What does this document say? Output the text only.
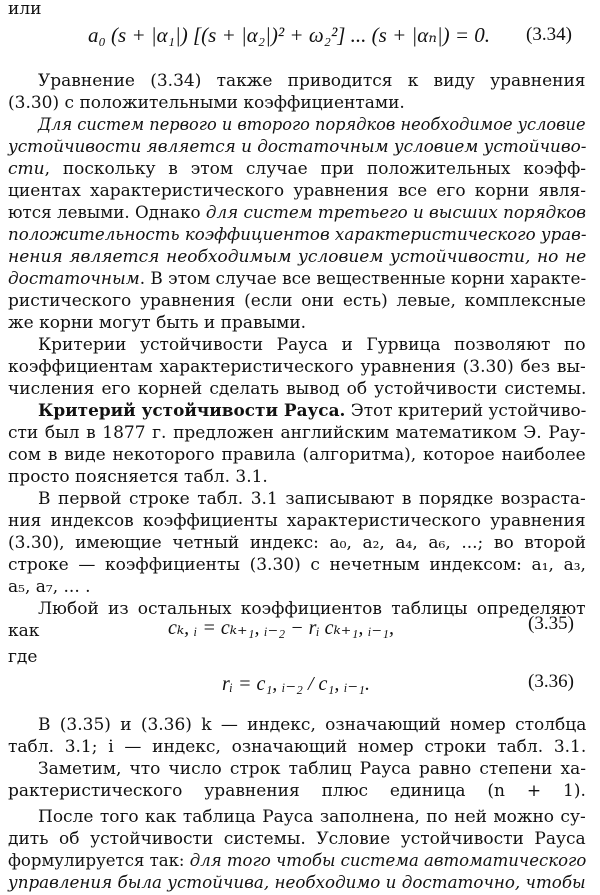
или
a₀ (s + |α₁|) [(s + |α₂|)² + ω₂²] ... (s + |αₙ|) = 0. (3.34)
Уравнение (3.34) также приводится к виду уравнения
(3.30) с положительными коэффициентами.
Для систем первого и второго порядков необходимое условие
устойчивости является и достаточным условием устойчиво-
сти, поскольку в этом случае при положительных коэфф-
циентах характеристического уравнения все его корни явля-
ются левыми. Однако для систем третьего и высших порядков
положительность коэффициентов характеристического урав-
нения является необходимым условием устойчивости, но не
достаточным. В этом случае все вещественные корни характе-
ристического уравнения (если они есть) левые, комплексные
же корни могут быть и правыми.
Критерии устойчивости Рауса и Гурвица позволяют по
коэффициентам характеристического уравнения (3.30) без вы-
числения его корней сделать вывод об устойчивости системы.
Критерий устойчивости Рауса. Этот критерий устойчиво-
сти был в 1877 г. предложен английским математиком Э. Рау-
сом в виде некоторого правила (алгоритма), которое наиболее
просто поясняется табл. 3.1.
В первой строке табл. 3.1 записывают в порядке возраста-
ния индексов коэффициенты характеристического уравнения
(3.30), имеющие четный индекс: a₀, a₂, a₄, a₆, ...; во второй
строке — коэффициенты (3.30) с нечетным индексом: a₁, a₃,
a₅, a₇, ... .
Любой из остальных коэффициентов таблицы определяют
как	cₖ, ᵢ = cₖ₊₁, ᵢ₋₂ − rᵢ cₖ₊₁, ᵢ₋₁,	(3.35)
где
rᵢ = c₁, ᵢ₋₂ / c₁, ᵢ₋₁.	(3.36)
В (3.35) и (3.36) k — индекс, означающий номер столбца
табл. 3.1; i — индекс, означающий номер строки табл. 3.1.
Заметим, что число строк таблиц Рауса равно степени ха-
рактеристического уравнения плюс единица (n + 1).
После того как таблица Рауса заполнена, по ней можно су-
дить об устойчивости системы. Условие устойчивости Рауса
формулируется так: для того чтобы система автоматического
управления была устойчива, необходимо и достаточно, чтобы
